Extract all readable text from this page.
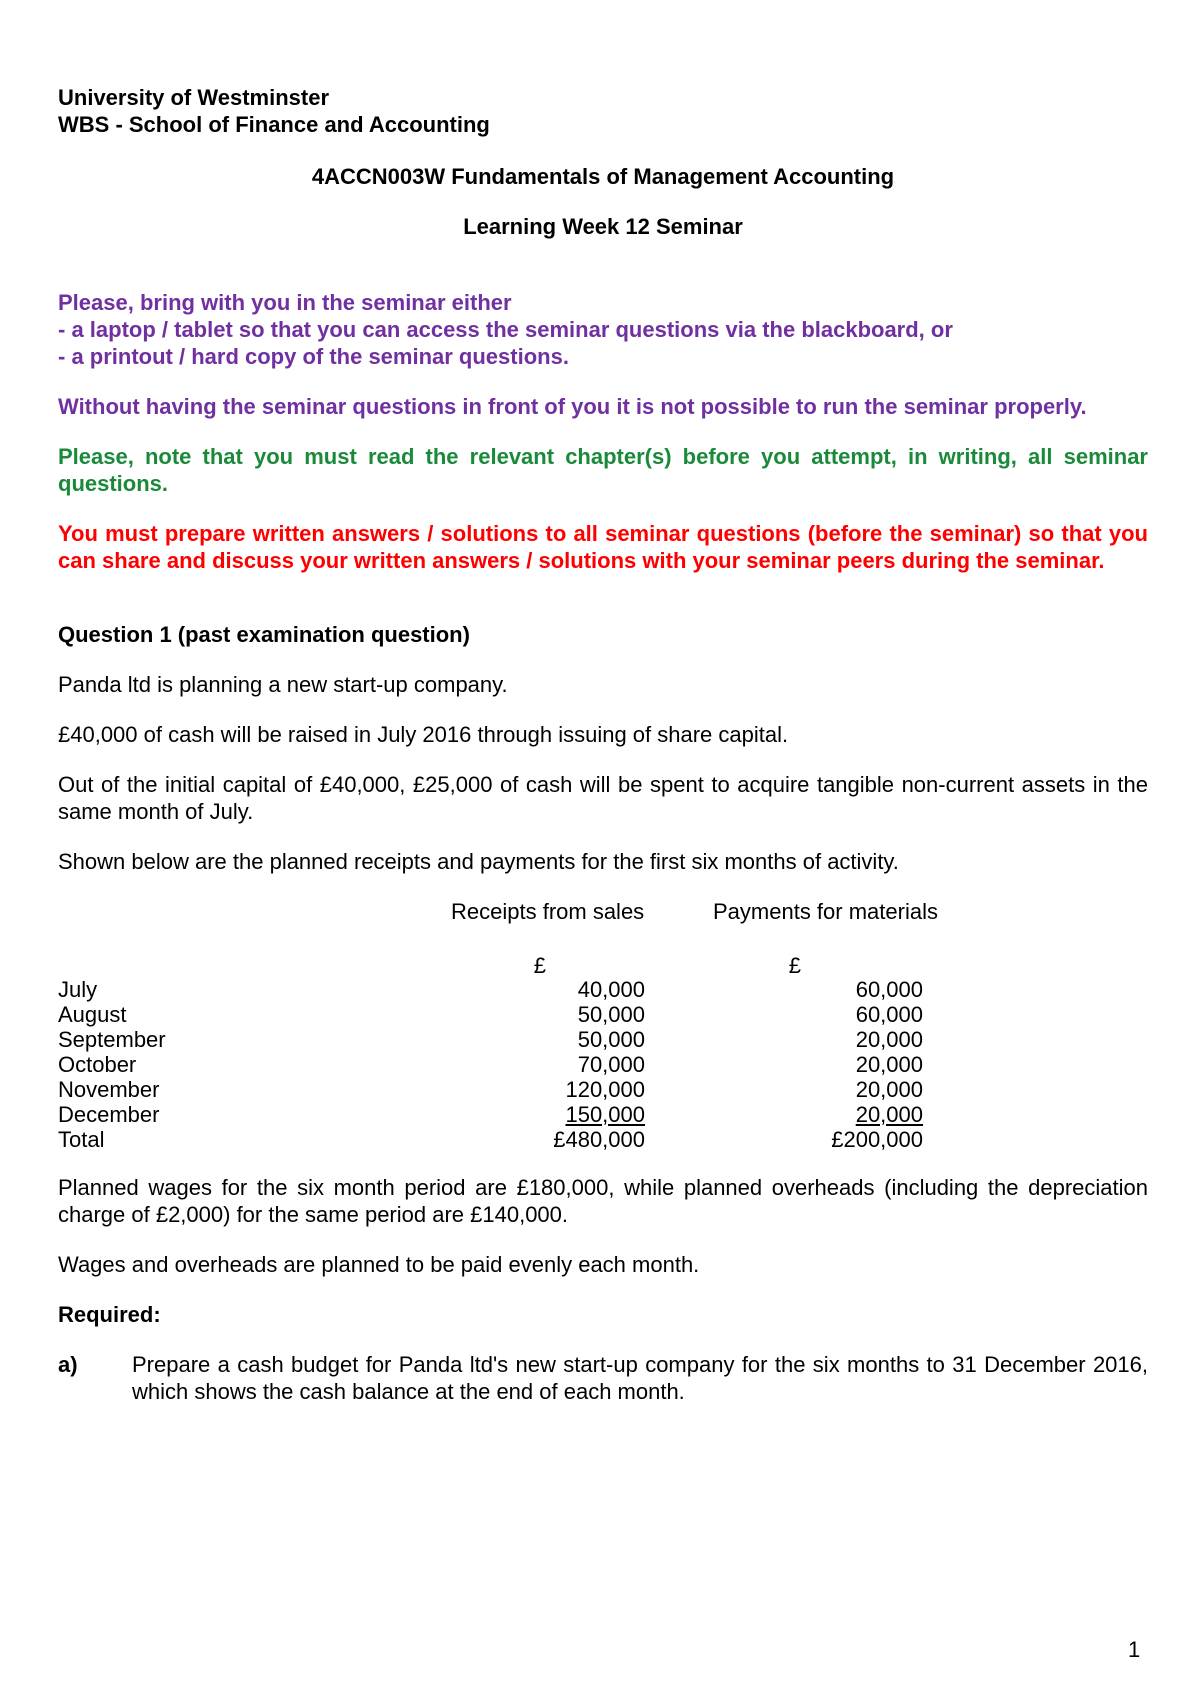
University of Westminster

WBS - School of Finance and Accounting

4ACCN003W Fundamentals of Management Accounting

Learning Week 12 Seminar

Please, bring with you in the seminar either
- a laptop / tablet so that you can access the seminar questions via the blackboard, or
- a printout / hard copy of the seminar questions.

Without having the seminar questions in front of you it is not possible to run the seminar properly.

Please, note that you must read the relevant chapter(s) before you attempt, in writing, all seminar questions.

You must prepare written answers / solutions to all seminar questions (before the seminar) so that you can share and discuss your written answers / solutions with your seminar peers during the seminar.

Question 1 (past examination question)

Panda ltd is planning a new start-up company.

£40,000 of cash will be raised in July 2016 through issuing of share capital.

Out of the initial capital of £40,000, £25,000 of cash will be spent to acquire tangible non-current assets in the same month of July.

Shown below are the planned receipts and payments for the first six months of activity.

Receipts from sales	Payments for materials
£	£
July	40,000	60,000
August	50,000	60,000
September	50,000	20,000
October	70,000	20,000
November	120,000	20,000
December	150,000	20,000
Total	£480,000	£200,000

Planned wages for the six month period are £180,000, while planned overheads (including the depreciation charge of £2,000) for the same period are £140,000.

Wages and overheads are planned to be paid evenly each month.

Required:

a)	Prepare a cash budget for Panda ltd's new start-up company for the six months to 31 December 2016, which shows the cash balance at the end of each month.
1
